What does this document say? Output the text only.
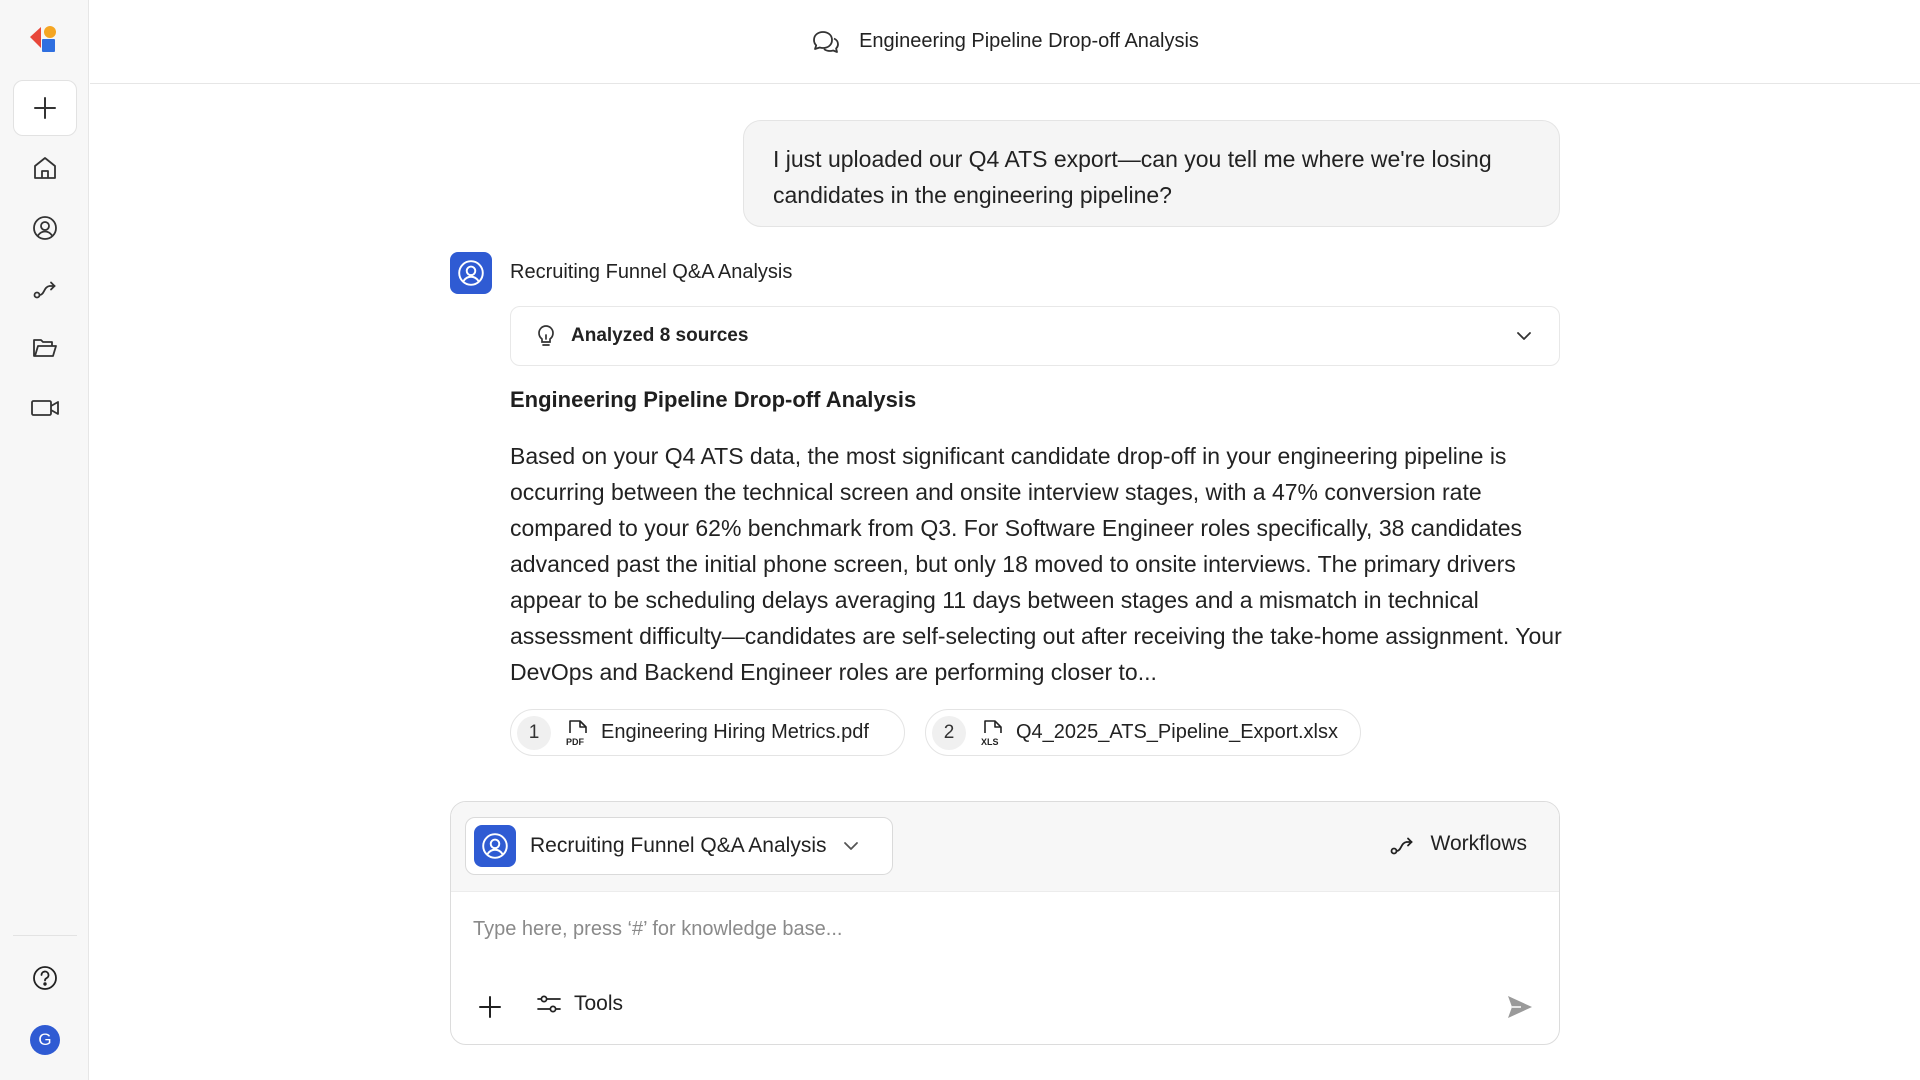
G
Engineering Pipeline Drop-off Analysis
I just uploaded our Q4 ATS export—can you tell me where we're losing candidates in the engineering pipeline?
Recruiting Funnel Q&A Analysis
Analyzed 8 sources
Engineering Pipeline Drop-off Analysis
Based on your Q4 ATS data, the most significant candidate drop-off in your engineering pipeline is occurring between the technical screen and onsite interview stages, with a 47% conversion rate compared to your 62% benchmark from Q3. For Software Engineer roles specifically, 38 candidates advanced past the initial phone screen, but only 18 moved to onsite interviews. The primary drivers appear to be scheduling delays averaging 11 days between stages and a mismatch in technical assessment difficulty—candidates are self-selecting out after receiving the take-home assignment. Your DevOps and Backend Engineer roles are performing closer to...
1	PDF Engineering Hiring Metrics.pdf	2	XLS Q4_2025_ATS_Pipeline_Export.xlsx
Recruiting Funnel Q&A Analysis	Workflows
Type here, press ‘#’ for knowledge base...
Tools
